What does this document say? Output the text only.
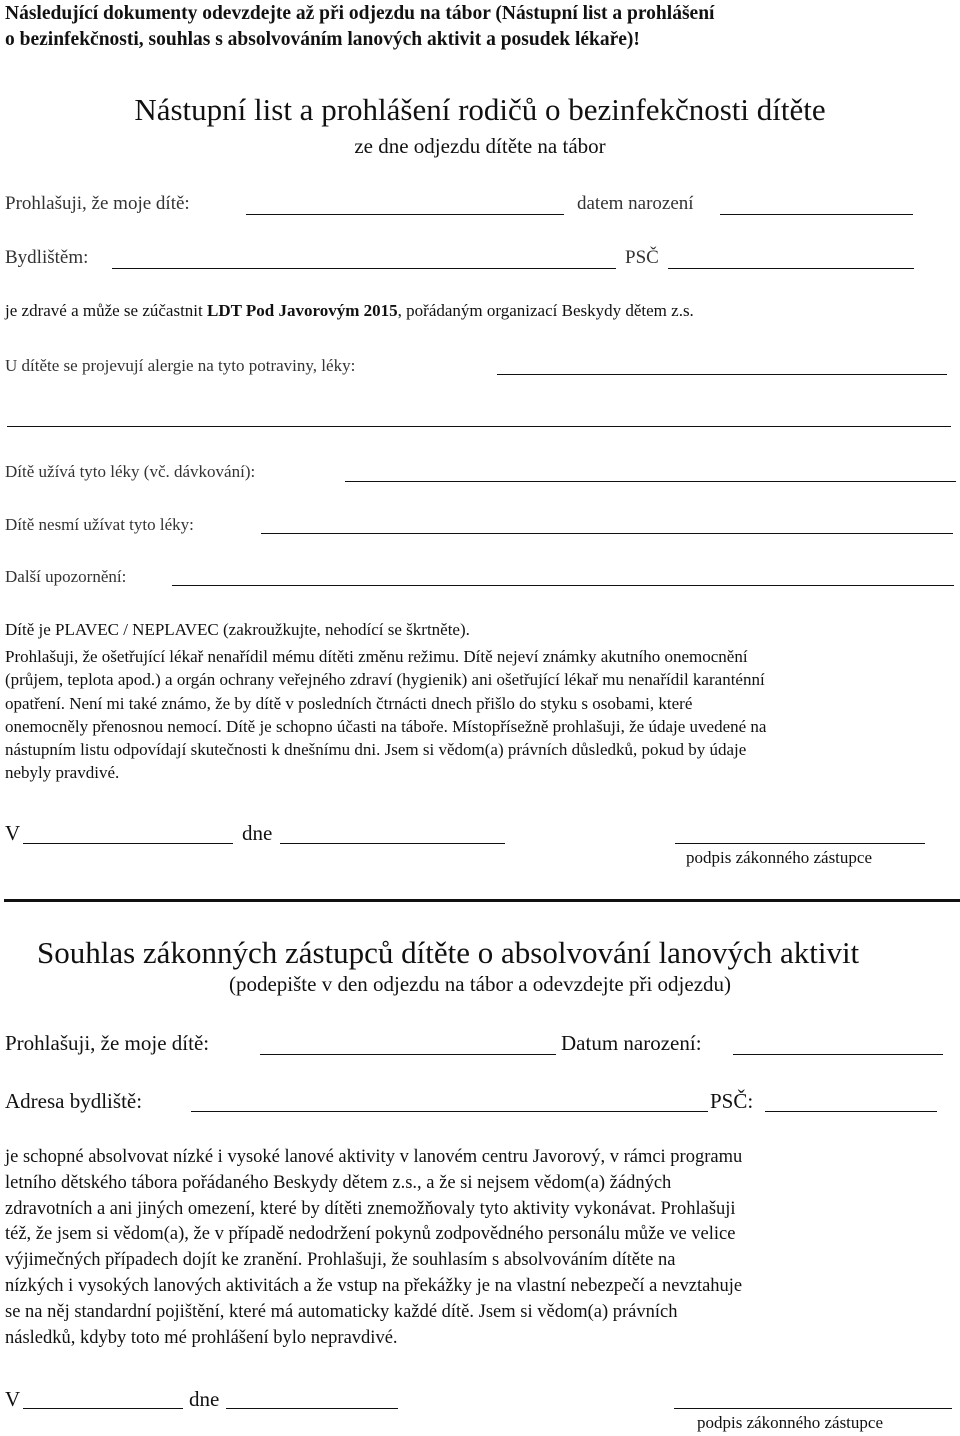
Následující dokumenty odevzdejte až při odjezdu na tábor (Nástupní list a prohlášení
o bezinfekčnosti, souhlas s absolvováním lanových aktivit a posudek lékaře)!
Nástupní list a prohlášení rodičů o bezinfekčnosti dítěte
ze dne odjezdu dítěte na tábor
Prohlašuji, že moje dítě:	datem narození
Bydlištěm:	PSČ
je zdravé a může se zúčastnit LDT Pod Javorovým 2015, pořádaným organizací Beskydy dětem z.s.
U dítěte se projevují alergie na tyto potraviny, léky:
Dítě užívá tyto léky (vč. dávkování):
Dítě nesmí užívat tyto léky:
Další upozornění:
Dítě je PLAVEC / NEPLAVEC (zakroužkujte, nehodící se škrtněte).
Prohlašuji, že ošetřující lékař nenařídil mému dítěti změnu režimu. Dítě nejeví známky akutního onemocnění
(průjem, teplota apod.) a orgán ochrany veřejného zdraví (hygienik) ani ošetřující lékař mu nenařídil karanténní
opatření. Není mi také známo, že by dítě v posledních čtrnácti dnech přišlo do styku s osobami, které
onemocněly přenosnou nemocí. Dítě je schopno účasti na táboře. Místopřísežně prohlašuji, že údaje uvedené na
nástupním listu odpovídají skutečnosti k dnešnímu dni. Jsem si vědom(a) právních důsledků, pokud by údaje
nebyly pravdivé.
V	dne
podpis zákonného zástupce
Souhlas zákonných zástupců dítěte o absolvování lanových aktivit
(podepište v den odjezdu na tábor a odevzdejte při odjezdu)
Prohlašuji, že moje dítě:	Datum narození:
Adresa bydliště:	PSČ:
je schopné absolvovat nízké i vysoké lanové aktivity v lanovém centru Javorový, v rámci programu
letního dětského tábora pořádaného Beskydy dětem z.s., a že si nejsem vědom(a) žádných
zdravotních a ani jiných omezení, které by dítěti znemožňovaly tyto aktivity vykonávat. Prohlašuji
též, že jsem si vědom(a), že v případě nedodržení pokynů zodpovědného personálu může ve velice
výjimečných případech dojít ke zranění. Prohlašuji, že souhlasím s absolvováním dítěte na
nízkých i vysokých lanových aktivitách a že vstup na překážky je na vlastní nebezpečí a nevztahuje
se na něj standardní pojištění, které má automaticky každé dítě. Jsem si vědom(a) právních
následků, kdyby toto mé prohlášení bylo nepravdivé.
V	dne
podpis zákonného zástupce
